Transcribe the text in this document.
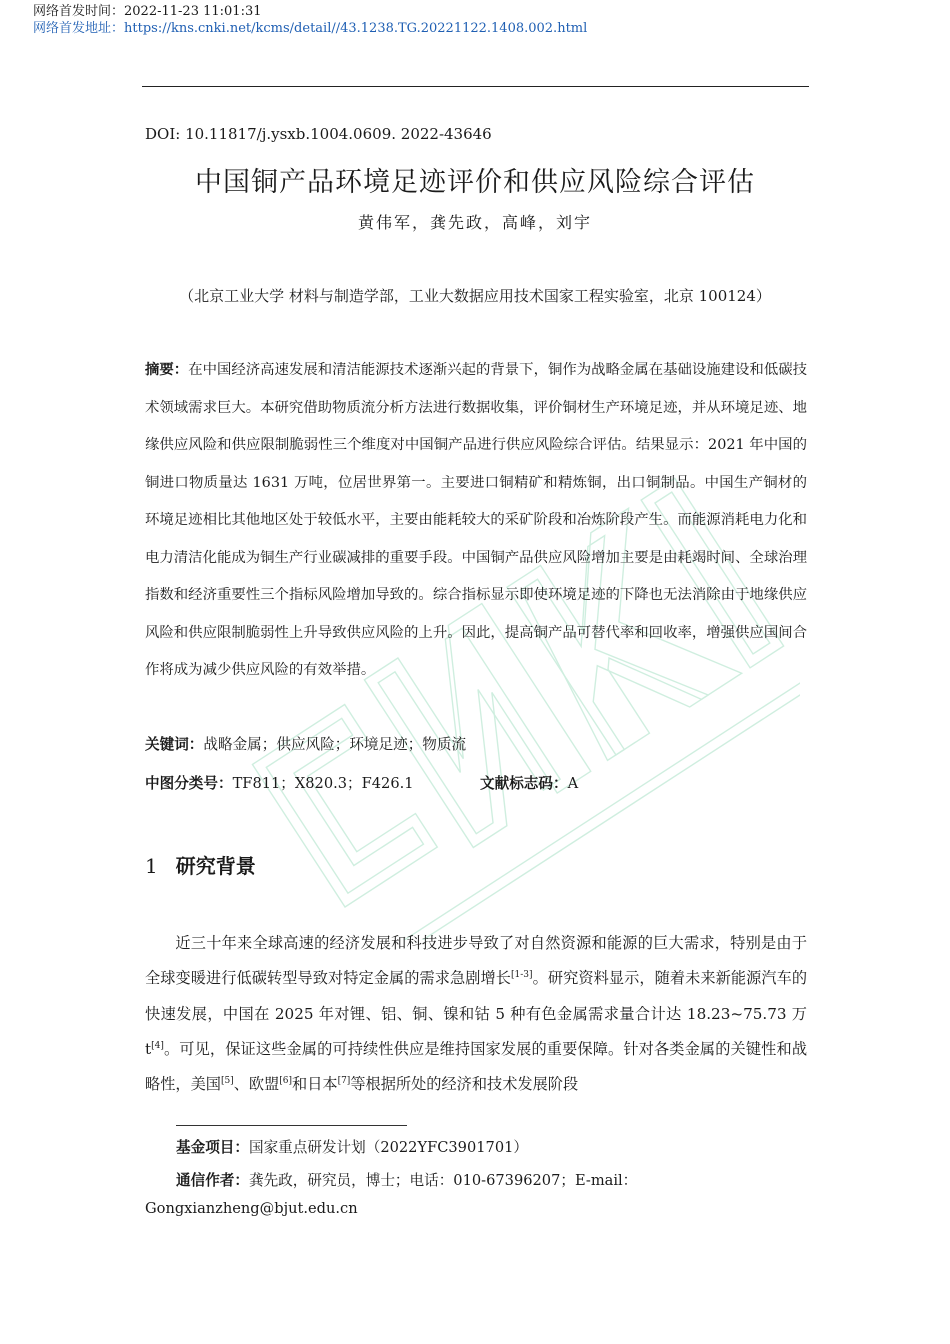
网络首发时间：2022-11-23 11:01:31
网络首发地址：https://kns.cnki.net/kcms/detail//43.1238.TG.20221122.1408.002.html
DOI: 10.11817/j.ysxb.1004.0609. 2022-43646
中国铜产品环境足迹评价和供应风险综合评估
黄伟军，龚先政，高峰，刘宇
（北京工业大学 材料与制造学部，工业大数据应用技术国家工程实验室，北京 100124）
摘要：在中国经济高速发展和清洁能源技术逐渐兴起的背景下，铜作为战略金属在基础设施建设和低碳技术领域需求巨大。本研究借助物质流分析方法进行数据收集，评价铜材生产环境足迹，并从环境足迹、地缘供应风险和供应限制脆弱性三个维度对中国铜产品进行供应风险综合评估。结果显示：2021 年中国的铜进口物质量达 1631 万吨，位居世界第一。主要进口铜精矿和精炼铜，出口铜制品。中国生产铜材的环境足迹相比其他地区处于较低水平，主要由能耗较大的采矿阶段和冶炼阶段产生。而能源消耗电力化和电力清洁化能成为铜生产行业碳减排的重要手段。中国铜产品供应风险增加主要是由耗竭时间、全球治理指数和经济重要性三个指标风险增加导致的。综合指标显示即使环境足迹的下降也无法消除由于地缘供应风险和供应限制脆弱性上升导致供应风险的上升。因此，提高铜产品可替代率和回收率，增强供应国间合作将成为减少供应风险的有效举措。
关键词：战略金属；供应风险；环境足迹；物质流
中图分类号：TF811；X820.3；F426.1	文献标志码：A
1 研究背景
近三十年来全球高速的经济发展和科技进步导致了对自然资源和能源的巨大需求，特别是由于全球变暖进行低碳转型导致对特定金属的需求急剧增长[1-3]。研究资料显示，随着未来新能源汽车的快速发展，中国在 2025 年对锂、铝、铜、镍和钴 5 种有色金属需求量合计达 18.23~75.73 万 t[4]。可见，保证这些金属的可持续性供应是维持国家发展的重要保障。针对各类金属的关键性和战略性，美国[5]、欧盟[6]和日本[7]等根据所处的经济和技术发展阶段
基金项目：国家重点研发计划（2022YFC3901701）
通信作者：龚先政，研究员，博士；电话：010-67396207；E-mail：
Gongxianzheng@bjut.edu.cn
